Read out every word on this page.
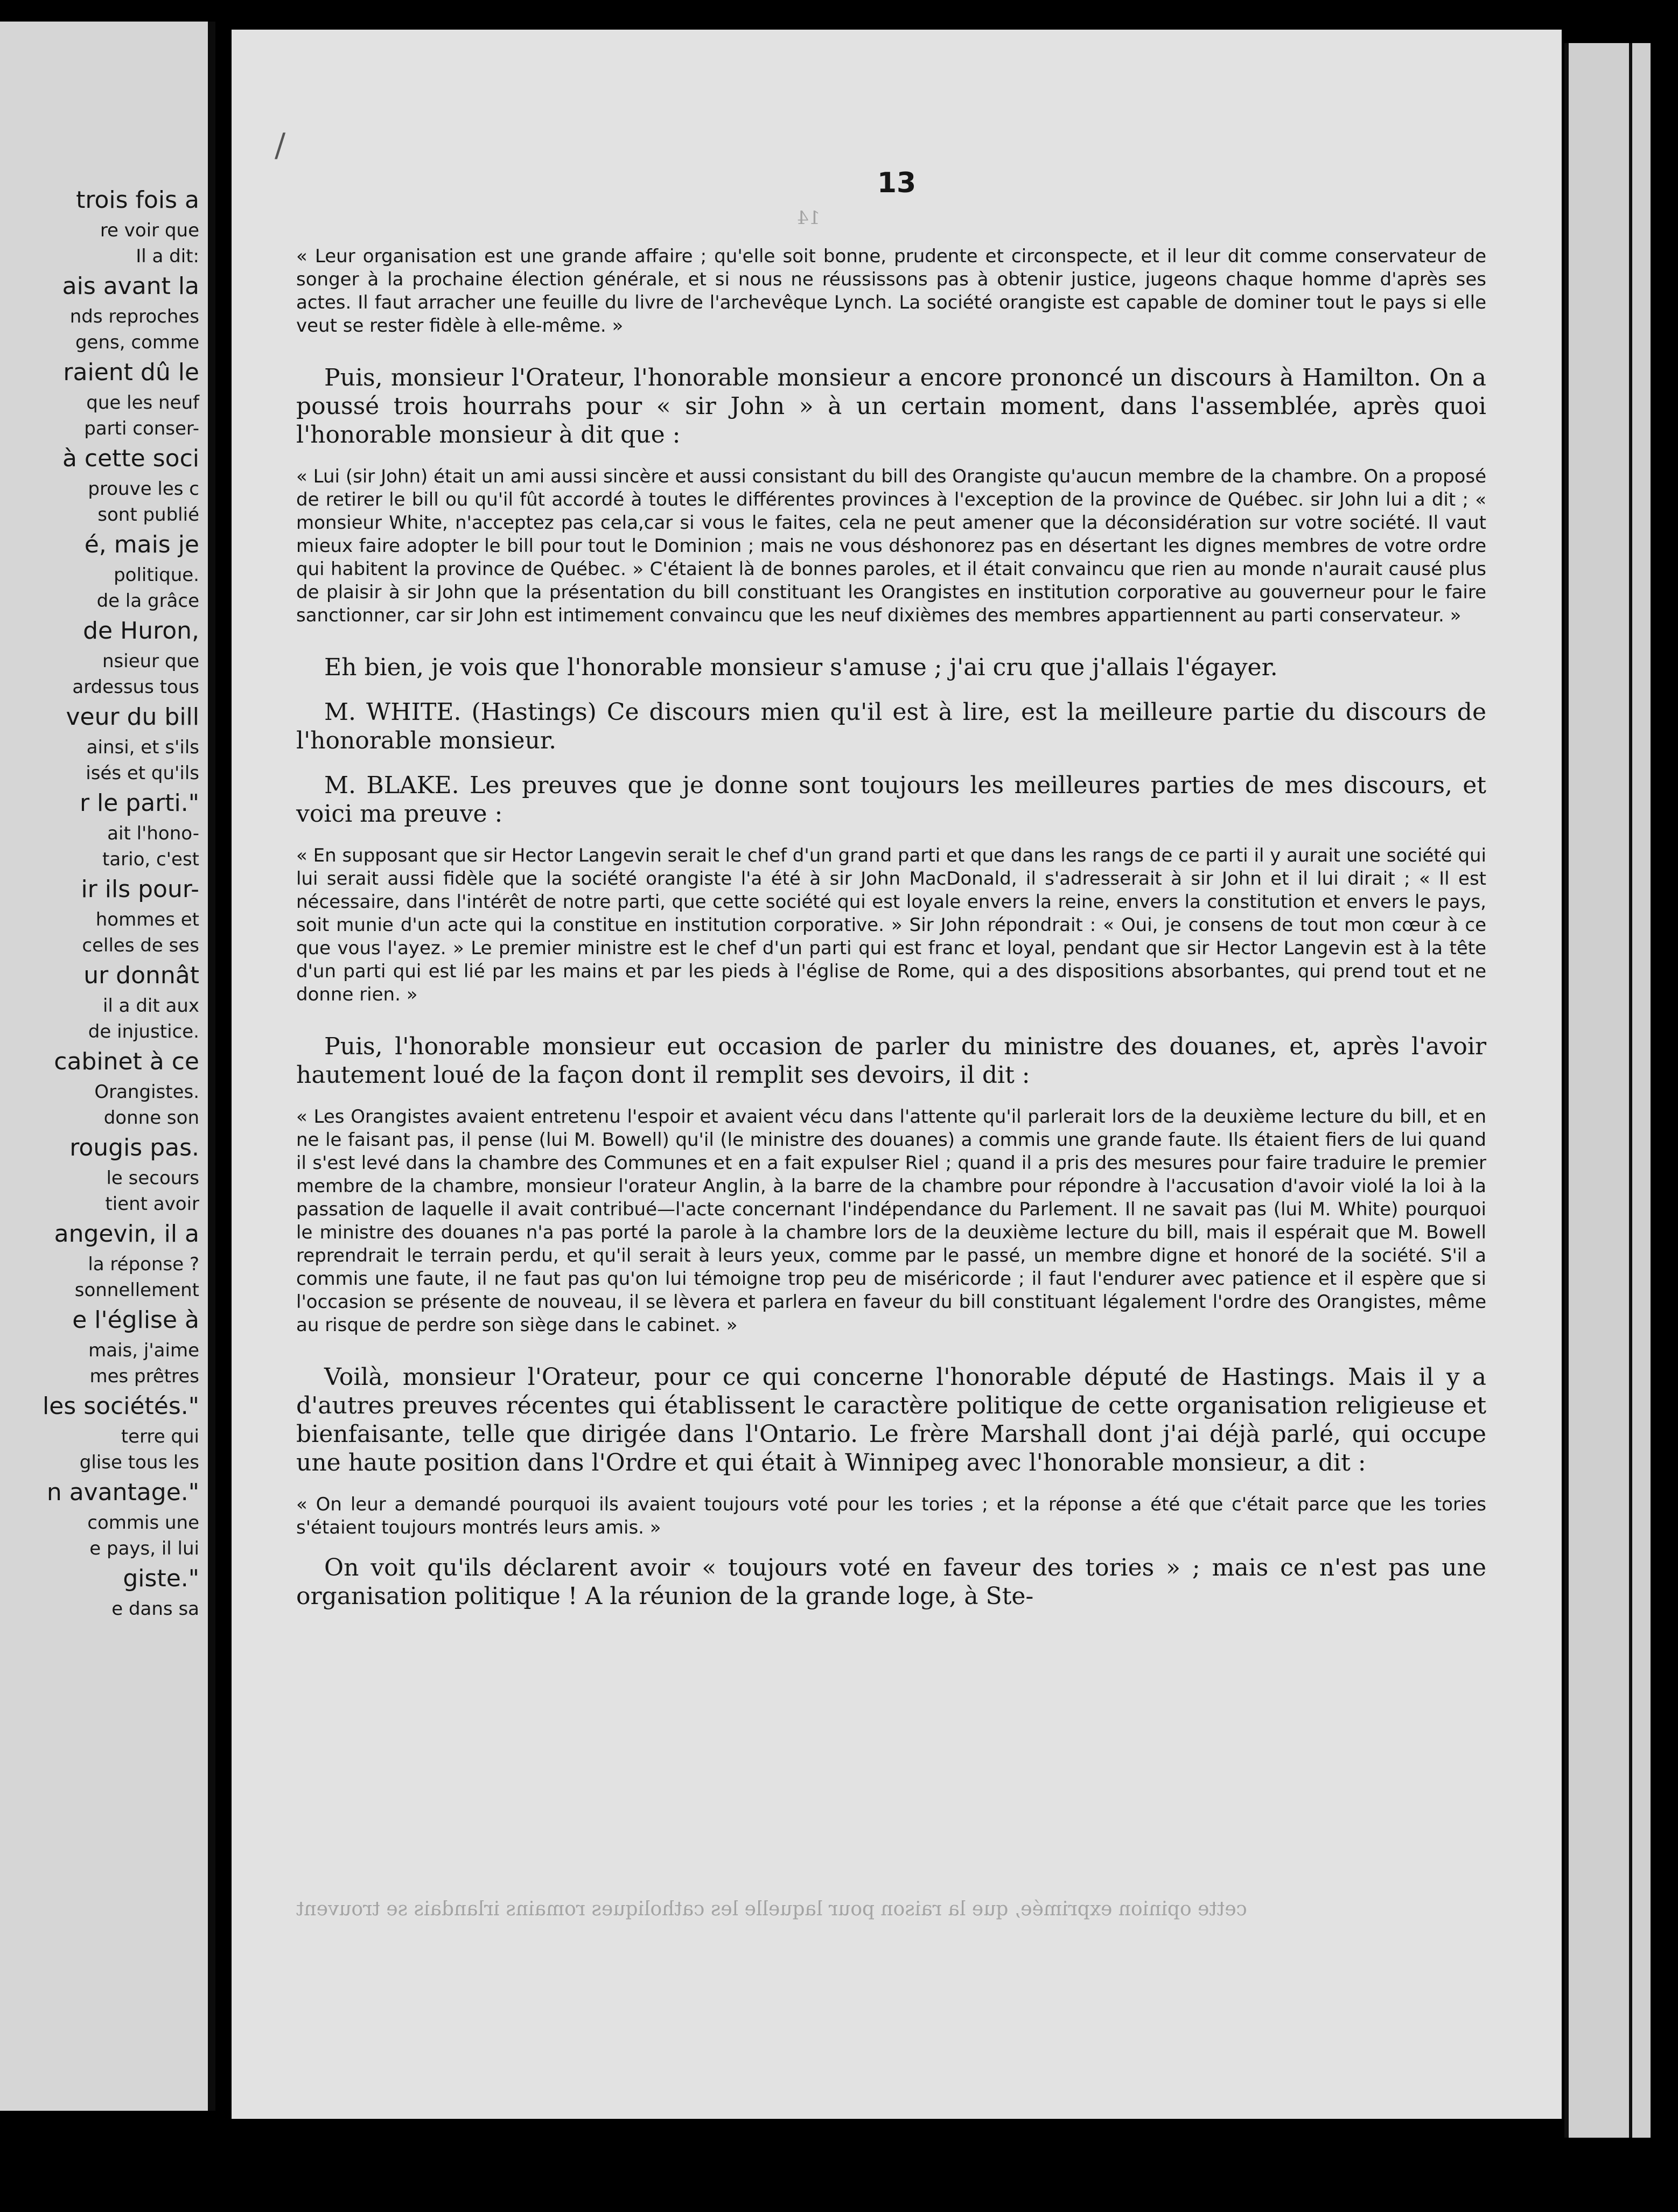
trois fois a
re voir que
Il a dit:
ais avant la
nds reproches
gens, comme
raient dû le
que les neuf
parti conser-
à cette soci
prouve les c
sont publié
é, mais je
politique.
de la grâce
de Huron,
nsieur que
ardessus tous
veur du bill
ainsi, et s'ils
isés et qu'ils
r le parti."
ait l'hono-
tario, c'est
ir ils pour-
hommes et
celles de ses
ur donnât
il a dit aux
de injustice.
cabinet à ce
Orangistes.
donne son
rougis pas.
le secours
tient avoir
angevin, il a
la réponse ?
sonnellement
e l'église à
mais, j'aime
mes prêtres
les sociétés."
terre qui
glise tous les
n avantage."
commis une
e pays, il lui
giste."
e dans sa
/
13
14

« Leur organisation est une grande affaire ; qu'elle soit bonne, prudente et circonspecte, et il leur dit comme conservateur de songer à la prochaine élection générale, et si nous ne réussissons pas à obtenir justice, jugeons chaque homme d'après ses actes. Il faut arracher une feuille du livre de l'archevêque Lynch. La société orangiste est capable de dominer tout le pays si elle veut se rester fidèle à elle-même. »

Puis, monsieur l'Orateur, l'honorable monsieur a encore prononcé un discours à Hamilton. On a poussé trois hourrahs pour « sir John » à un certain moment, dans l'assemblée, après quoi l'honorable monsieur à dit que :

« Lui (sir John) était un ami aussi sincère et aussi consistant du bill des Orangiste qu'aucun membre de la chambre. On a proposé de retirer le bill ou qu'il fût accordé à toutes le différentes provinces à l'exception de la province de Québec. sir John lui a dit ; « monsieur White, n'acceptez pas cela,car si vous le faites, cela ne peut amener que la déconsidération sur votre société. Il vaut mieux faire adopter le bill pour tout le Dominion ; mais ne vous déshonorez pas en désertant les dignes membres de votre ordre qui habitent la province de Québec. » C'étaient là de bonnes paroles, et il était convaincu que rien au monde n'aurait causé plus de plaisir à sir John que la présentation du bill constituant les Orangistes en institution corporative au gouverneur pour le faire sanctionner, car sir John est intimement convaincu que les neuf dixièmes des membres appartiennent au parti conservateur. »

Eh bien, je vois que l'honorable monsieur s'amuse ; j'ai cru que j'allais l'égayer.

M. WHITE. (Hastings) Ce discours mien qu'il est à lire, est la meilleure partie du discours de l'honorable monsieur.

M. BLAKE. Les preuves que je donne sont toujours les meilleures parties de mes discours, et voici ma preuve :

« En supposant que sir Hector Langevin serait le chef d'un grand parti et que dans les rangs de ce parti il y aurait une société qui lui serait aussi fidèle que la société orangiste l'a été à sir John MacDonald, il s'adresserait à sir John et il lui dirait ; « Il est nécessaire, dans l'intérêt de notre parti, que cette société qui est loyale envers la reine, envers la constitution et envers le pays, soit munie d'un acte qui la constitue en institution corporative. » Sir John répondrait : « Oui, je consens de tout mon cœur à ce que vous l'ayez. » Le premier ministre est le chef d'un parti qui est franc et loyal, pendant que sir Hector Langevin est à la tête d'un parti qui est lié par les mains et par les pieds à l'église de Rome, qui a des dispositions absorbantes, qui prend tout et ne donne rien. »

Puis, l'honorable monsieur eut occasion de parler du ministre des douanes, et, après l'avoir hautement loué de la façon dont il remplit ses devoirs, il dit :

« Les Orangistes avaient entretenu l'espoir et avaient vécu dans l'attente qu'il parlerait lors de la deuxième lecture du bill, et en ne le faisant pas, il pense (lui M. Bowell) qu'il (le ministre des douanes) a commis une grande faute. Ils étaient fiers de lui quand il s'est levé dans la chambre des Communes et en a fait expulser Riel ; quand il a pris des mesures pour faire traduire le premier membre de la chambre, monsieur l'orateur Anglin, à la barre de la chambre pour répondre à l'accusation d'avoir violé la loi à la passation de laquelle il avait contribué—l'acte concernant l'indépendance du Parlement. Il ne savait pas (lui M. White) pourquoi le ministre des douanes n'a pas porté la parole à la chambre lors de la deuxième lecture du bill, mais il espérait que M. Bowell reprendrait le terrain perdu, et qu'il serait à leurs yeux, comme par le passé, un membre digne et honoré de la société. S'il a commis une faute, il ne faut pas qu'on lui témoigne trop peu de miséricorde ; il faut l'endurer avec patience et il espère que si l'occasion se présente de nouveau, il se lèvera et parlera en faveur du bill constituant légalement l'ordre des Orangistes, même au risque de perdre son siège dans le cabinet. »

Voilà, monsieur l'Orateur, pour ce qui concerne l'honorable député de Hastings. Mais il y a d'autres preuves récentes qui établissent le caractère politique de cette organisation religieuse et bienfaisante, telle que dirigée dans l'Ontario. Le frère Marshall dont j'ai déjà parlé, qui occupe une haute position dans l'Ordre et qui était à Winnipeg avec l'honorable monsieur, a dit :

« On leur a demandé pourquoi ils avaient toujours voté pour les tories ; et la réponse a été que c'était parce que les tories s'étaient toujours montrés leurs amis. »

On voit qu'ils déclarent avoir « toujours voté en faveur des tories » ; mais ce n'est pas une organisation politique ! A la réunion de la grande loge, à Ste-

cette opinion exprimée, que la raison pour laquelle les catholiques romains irlandais se trouvent
